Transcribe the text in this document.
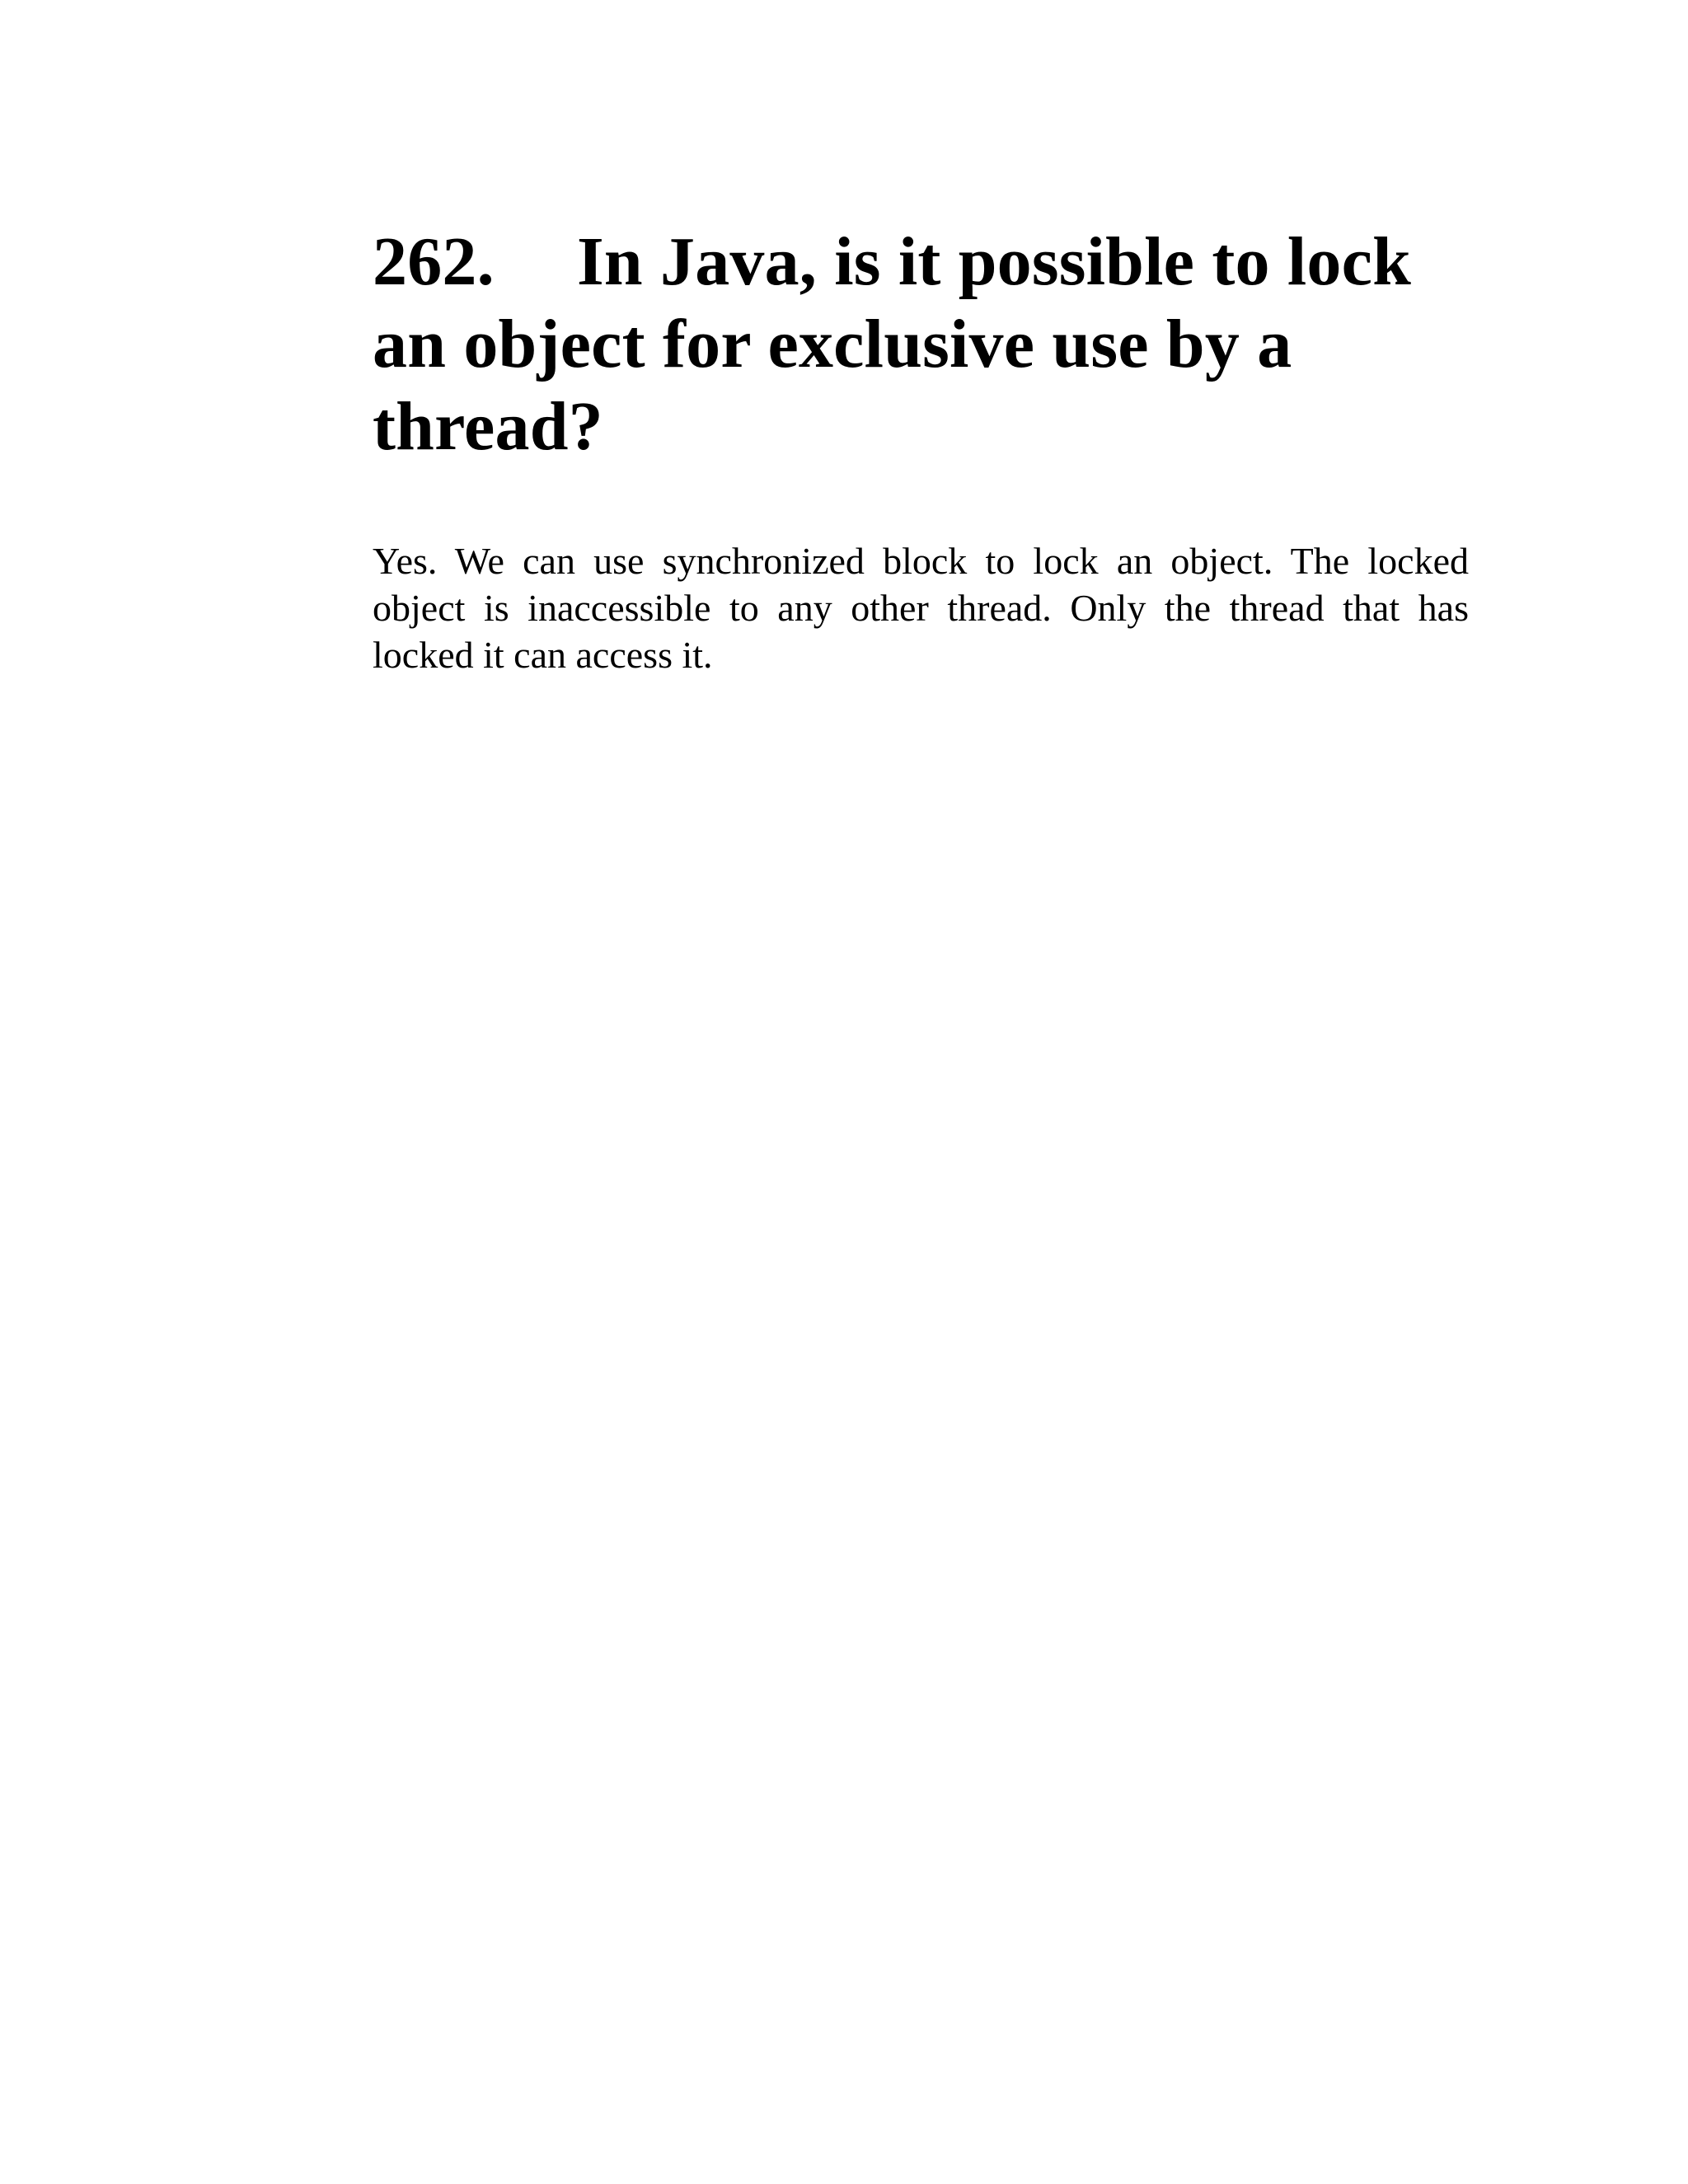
262. In Java, is it possible to lock an object for exclusive use by a thread?

Yes. We can use synchronized block to lock an object. The locked object is inaccessible to any other thread. Only the thread that has locked it can access it.
